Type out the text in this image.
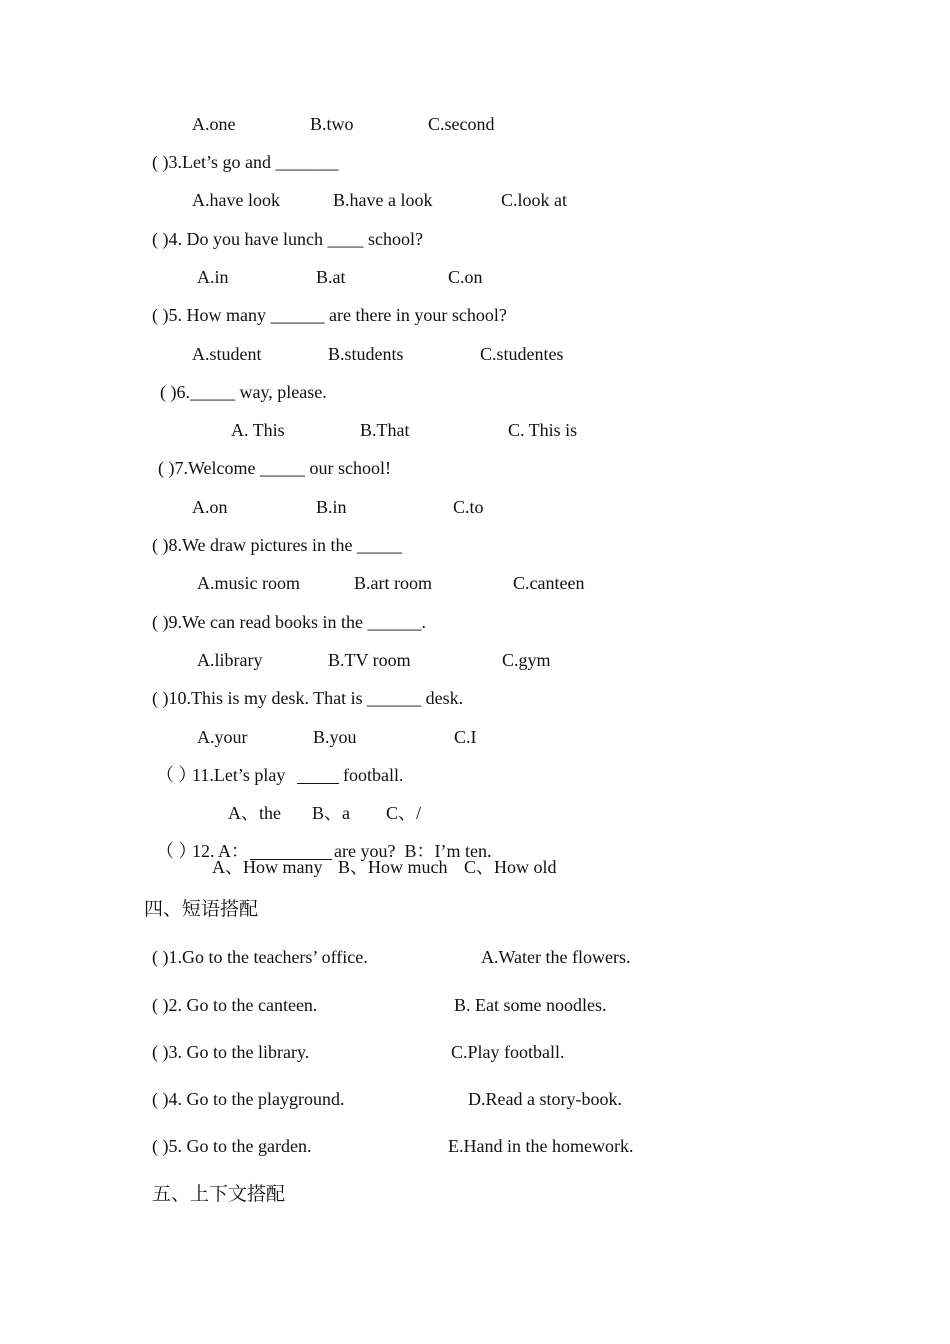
A.one	B.two	C.second
( )3.Let’s go and _______
A.have look	B.have a look	C.look at
( )4. Do you have lunch ____ school?
A.in	B.at	C.on
( )5. How many ______ are there in your school?
A.student	B.students	C.studentes
( )6._____ way, please.
A. This	B.That	C. This is
( )7.Welcome _____ our school!
A.on	B.in	C.to
( )8.We draw pictures in the _____
A.music room	B.art room	C.canteen
( )9.We can read books in the ______.
A.library	B.TV room	C.gym
( )10.This is my desk. That is ______ desk.
A.your	B.you	C.I
（ ）
11.Let’s play	football.
A、the B、a C、/
（ ）
12. A：	are you?  B：I’m ten.
A、How many B、How much C、How old
四、短语搭配
( )1.Go to the teachers’ office.	A.Water the flowers.
( )2. Go to the canteen.	B. Eat some noodles.
( )3. Go to the library.	C.Play football.
( )4. Go to the playground.	D.Read a story-book.
( )5. Go to the garden.	E.Hand in the homework.
五、上下文搭配
